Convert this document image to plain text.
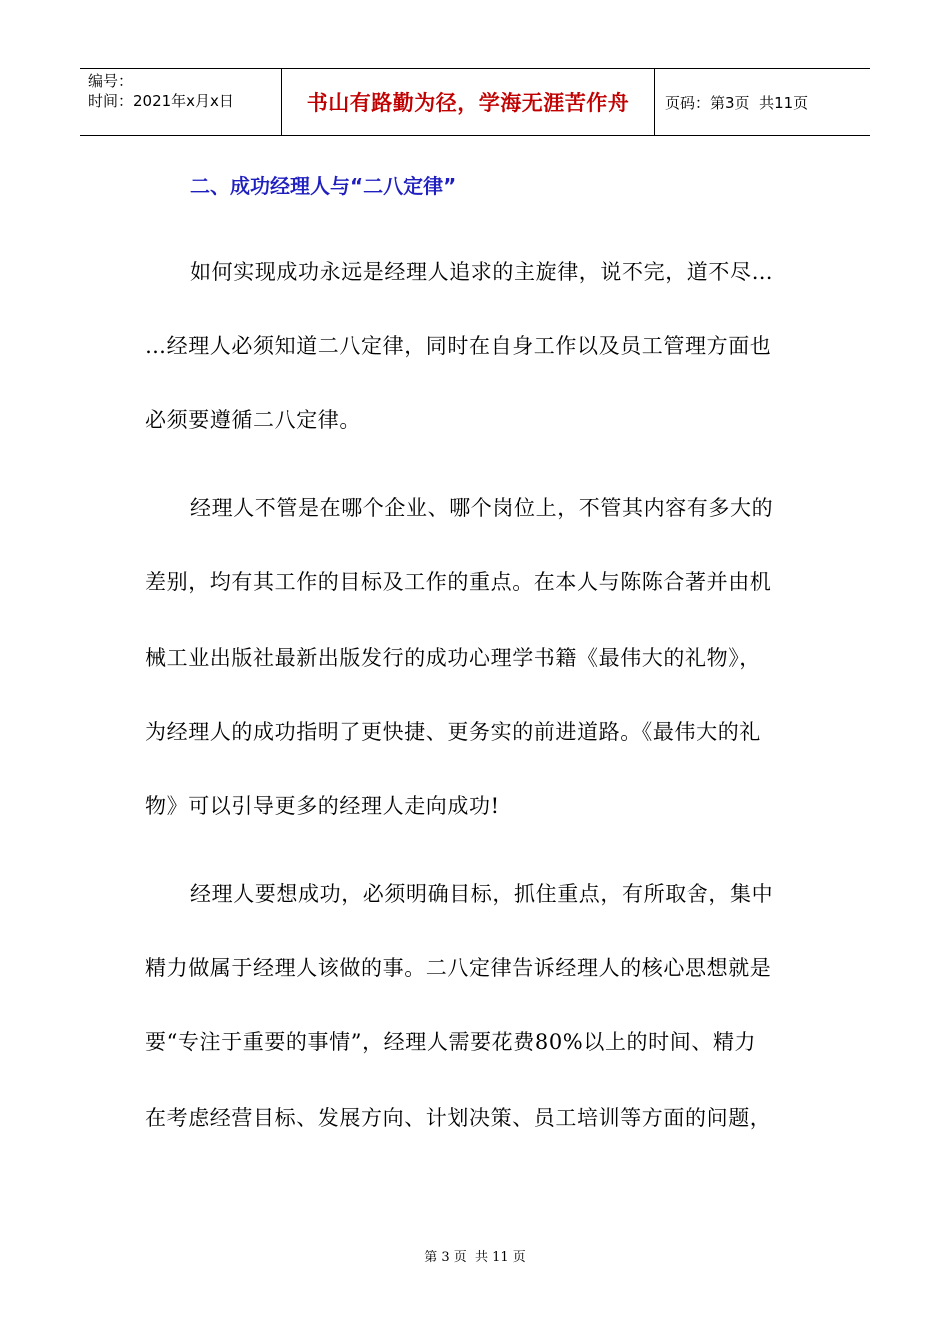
编号：
时间：2021年x月x日	书山有路勤为径，学海无涯苦作舟 页码：第3页  共11页
二、成功经理人与“二八定律”
如何实现成功永远是经理人追求的主旋律，说不完，道不尽…
…经理人必须知道二八定律，同时在自身工作以及员工管理方面也
必须要遵循二八定律。
经理人不管是在哪个企业、哪个岗位上，不管其内容有多大的
差别，均有其工作的目标及工作的重点。在本人与陈陈合著并由机
械工业出版社最新出版发行的成功心理学书籍《最伟大的礼物》，
为经理人的成功指明了更快捷、更务实的前进道路。《最伟大的礼
物》可以引导更多的经理人走向成功!
经理人要想成功，必须明确目标，抓住重点，有所取舍，集中
精力做属于经理人该做的事。二八定律告诉经理人的核心思想就是
要“专注于重要的事情”，经理人需要花费80%以上的时间、精力
在考虑经营目标、发展方向、计划决策、员工培训等方面的问题，
第 3 页  共 11 页
